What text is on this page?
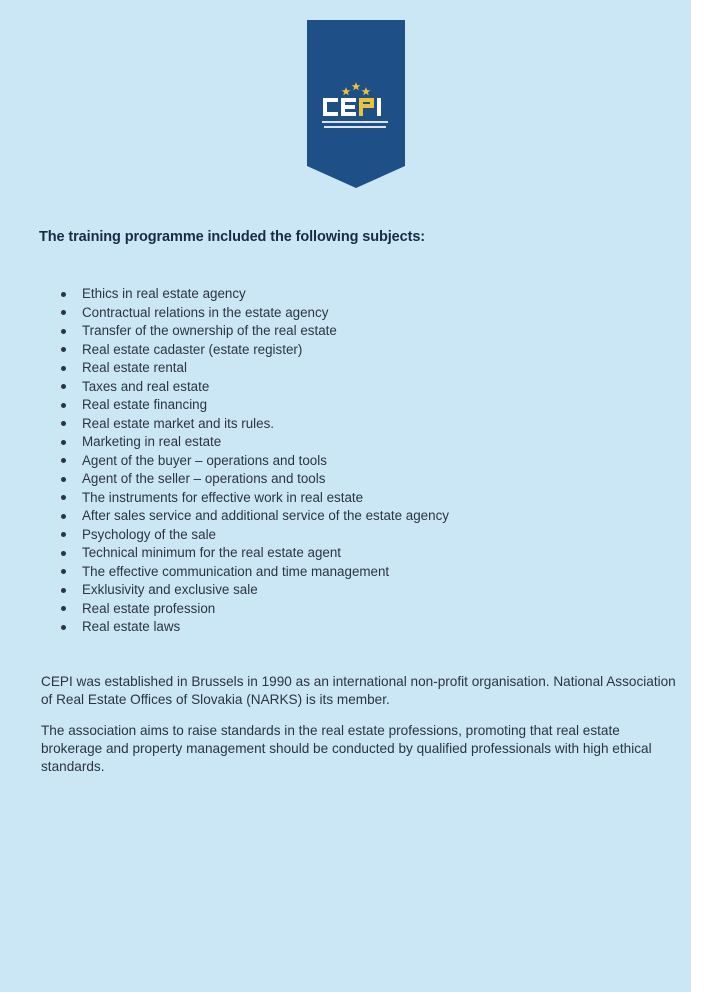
The training programme included the following subjects:
Ethics in real estate agency
Contractual relations in the estate agency
Transfer of the ownership of the real estate
Real estate cadaster (estate register)
Real estate rental
Taxes and real estate
Real estate financing
Real estate market and its rules.
Marketing in real estate
Agent of the buyer – operations and tools
Agent of the seller – operations and tools
The instruments for effective work in real estate
After sales service and additional service of the estate agency
Psychology of the sale
Technical minimum for the real estate agent
The effective communication and time management
Exklusivity and exclusive sale
Real estate profession
Real estate laws

CEPI was established in Brussels in 1990 as an international non-profit organisation. National Association of Real Estate Offices of Slovakia (NARKS) is its member.

The association aims to raise standards in the real estate professions, promoting that real estate brokerage and property management should be conducted by qualified professionals with high ethical standards.
